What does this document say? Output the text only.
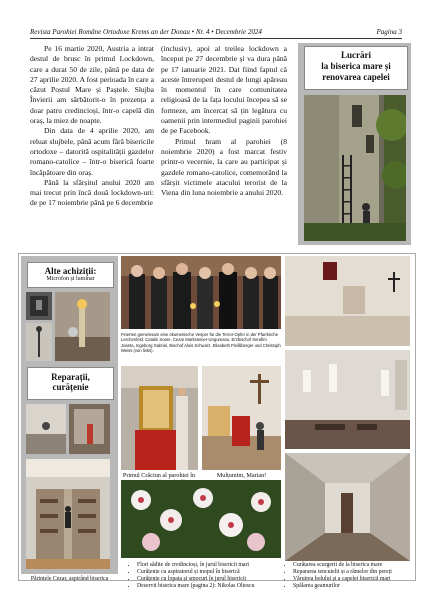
Revista Parohiei Române Ortodoxe Krems an der Donau • Nr. 4 • Decembrie 2024	Pagina 3

Pe 16 martie 2020, Austria a intrat destul de brusc în primul Lockdown, care a durat 50 de zile, până pe data de 27 aprilie 2020. A fost perioada în care a căzut Postul Mare și Paștele. Slujba Învierii am sărbătorit-o în prezența a doar patru credincioși, într-o capelă din oraș, la miez de noapte.

Din data de 4 aprilie 2020, am reluat slujbele, până acum fără bisericile ortodoxe – datorită ospitalității gazdelor romano-catolice – într-o biserică foarte încăpătoare din oraș.

Până la sfârșitul anului 2020 am mai trecut prin încă două lockdown-uri: de pe 17 noiembrie până pe 6 decembrie

(inclusiv), apoi al treilea lockdown a început pe 27 decembrie și va dura până pe 17 ianuarie 2021. Dat fiind faptul că aceste întreruperi destul de lungi apăreau în momentul în care comunitatea religioasă de la fața locului începea să se formeze, am încercat să țin legătura cu oamenii prin intermediul paginii parohiei de pe Facebook.

Primul hram al parohiei (8 noiembrie 2020) a fost marcat festiv printr-o vecernie, la care au participat și gazdele romano-catolice, comemorând la sfârșit victimele atacului terorist de la Viena din luna noiembrie a anului 2020.

Lucrări
la biserica mare și
renovarea capelei
Alte achiziții:
Microfon și luminar
Reparații,
curățenie
Părintele Cezar, aspirând biserica
Feierten gemeinsam eine ökumenische Vesper für die Terror-Opfer in der Pfarrkirche Lerchenfeld: Catalin Soare, Cezar Marksteiner-Ungureanu, Erzbischof Serafim Joanta, Ingeborg Gabriel, Bischof Alois Schwarz, Elisabeth Fleißlberger und Christoph Weiss (von links).
Primul Crăciun al parohiei în	Mulțumim, Marian!
• Flori sădite de credincioși, în jurul bisericii mari
• Curățenie cu aspiratorul și mopul în biserică
• Curățenie cu lopata și smocuri în jurul bisericii
• Deservit biserica mare (pagina 2): Nikolas Oltescu
• Curățarea scurgerii de la biserica mare
• Repararea tencuielii și a rămelor din pereți
• Văruirea holului și a capelei bisericii mari
• Spălarea geamurilor
